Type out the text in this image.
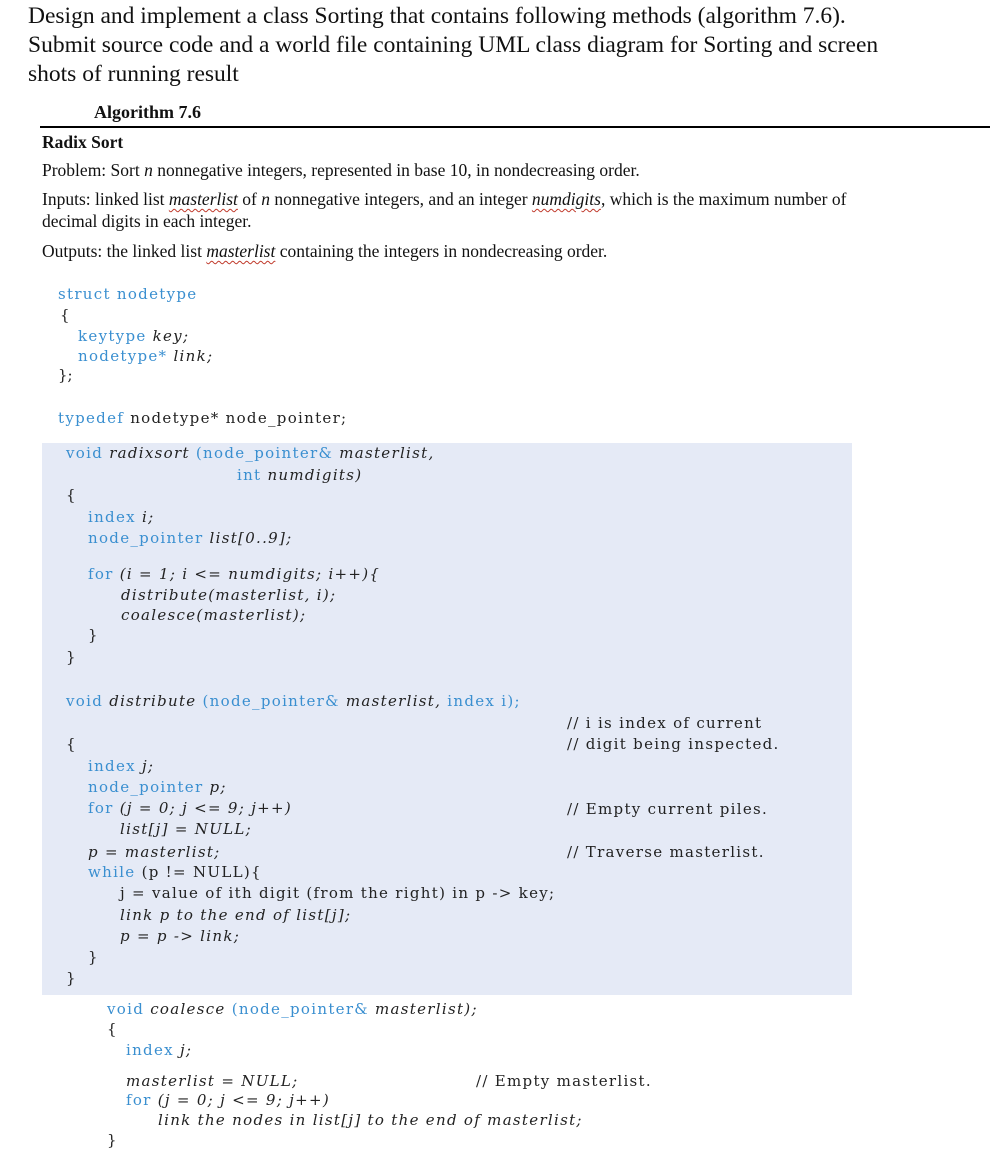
Design and implement a class Sorting that contains following methods (algorithm 7.6).
Submit source code and a world file containing UML class diagram for Sorting and screen
shots of running result
Algorithm 7.6
Radix Sort
Problem: Sort n nonnegative integers, represented in base 10, in nondecreasing order.
Inputs: linked list masterlist of n nonnegative integers, and an integer numdigits, which is the maximum number of
decimal digits in each integer.
Outputs: the linked list masterlist containing the integers in nondecreasing order.
struct nodetype
{
keytype key;
nodetype* link;
};
typedef nodetype* node_pointer;
void radixsort (node_pointer& masterlist,
int numdigits)
{
index i;
node_pointer list[0..9];
for (i = 1; i <= numdigits; i++){
distribute(masterlist, i);
coalesce(masterlist);
}
}
void distribute (node_pointer& masterlist, index i);
// i is index of current
// digit being inspected.
{
index j;
node_pointer p;
for (j = 0; j <= 9; j++)	// Empty current piles.
list[j] = NULL;
p = masterlist;	// Traverse masterlist.
while (p != NULL){
j = value of ith digit (from the right) in p -> key;
link p to the end of list[j];
p = p -> link;
}
}
void coalesce (node_pointer& masterlist);
{
index j;
masterlist = NULL;	// Empty masterlist.
for (j = 0; j <= 9; j++)
link the nodes in list[j] to the end of masterlist;
}
